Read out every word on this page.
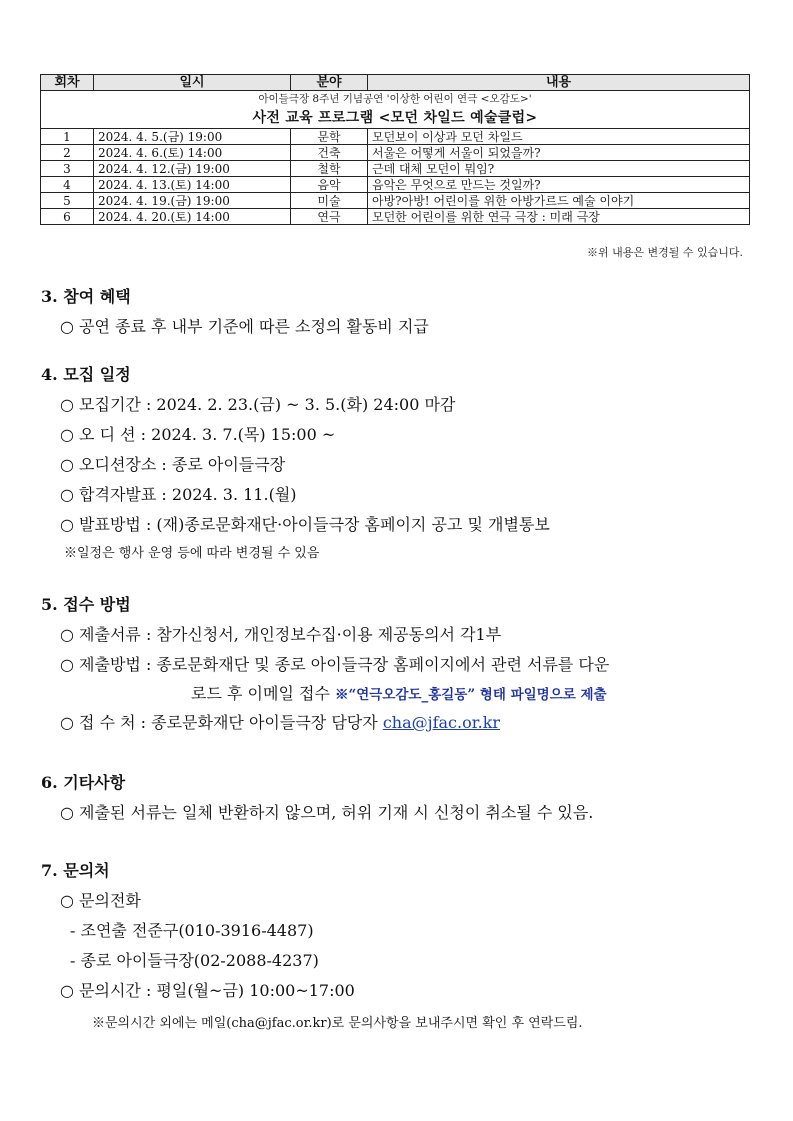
아이들극장 8주년 기념공연 '이상한 어린이 연극 <오감도>'			
사전 교육 프로그램 <모던 차일드 예술클럽>			
회차	일시	분야	내용
1	2024. 4. 5.(금) 19:00	문학	모던보이 이상과 모던 차일드
2	2024. 4. 6.(토) 14:00	건축	서울은 어떻게 서울이 되었을까?
3	2024. 4. 12.(금) 19:00	철학	근데 대체 모던이 뭐임?
4	2024. 4. 13.(토) 14:00	음악	음악은 무엇으로 만드는 것일까?
5	2024. 4. 19.(금) 19:00	미술	아방?아방! 어린이를 위한 아방가르드 예술 이야기
6	2024. 4. 20.(토) 14:00	연극	모던한 어린이를 위한 연극 극장 : 미래 극장
※위 내용은 변경될 수 있습니다.
3. 참여 혜택
○ 공연 종료 후 내부 기준에 따른 소정의 활동비 지급
4. 모집 일정
○ 모집기간 : 2024. 2. 23.(금) ~ 3. 5.(화) 24:00 마감
○ 오 디 션 : 2024. 3. 7.(목) 15:00 ~
○ 오디션장소 : 종로 아이들극장
○ 합격자발표 : 2024. 3. 11.(월)
○ 발표방법 : (재)종로문화재단·아이들극장 홈페이지 공고 및 개별통보
※일정은 행사 운영 등에 따라 변경될 수 있음
5. 접수 방법
○ 제출서류 : 참가신청서, 개인정보수집·이용 제공동의서 각1부
○ 제출방법 : 종로문화재단 및 종로 아이들극장 홈페이지에서 관련 서류를 다운
로드 후 이메일 접수 ※“연극오감도_홍길동” 형태 파일명으로 제출
○ 접 수 처 : 종로문화재단 아이들극장 담당자 cha@jfac.or.kr
6. 기타사항
○ 제출된 서류는 일체 반환하지 않으며, 허위 기재 시 신청이 취소될 수 있음.
7. 문의처
○ 문의전화
- 조연출 전준구(010-3916-4487)
- 종로 아이들극장(02-2088-4237)
○ 문의시간 : 평일(월~금) 10:00~17:00
※문의시간 외에는 메일(cha@jfac.or.kr)로 문의사항을 보내주시면 확인 후 연락드림.
